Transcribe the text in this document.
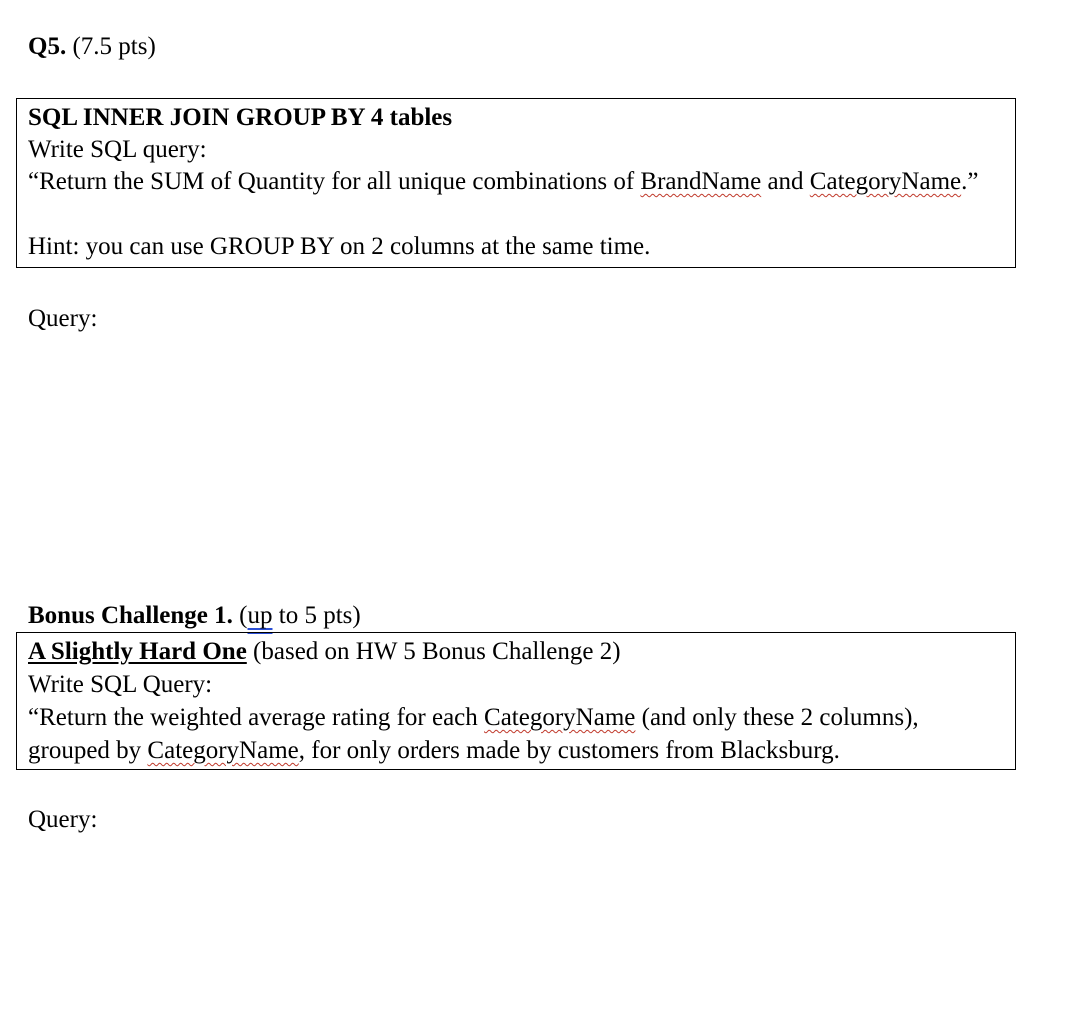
Q5. (7.5 pts)
SQL INNER JOIN GROUP BY 4 tables
Write SQL query:
“Return the SUM of Quantity for all unique combinations of BrandName and CategoryName.”
Hint: you can use GROUP BY on 2 columns at the same time.
Query:
Bonus Challenge 1. (up to 5 pts)
A Slightly Hard One (based on HW 5 Bonus Challenge 2)
Write SQL Query:
“Return the weighted average rating for each CategoryName (and only these 2 columns),
grouped by CategoryName, for only orders made by customers from Blacksburg.
Query:
